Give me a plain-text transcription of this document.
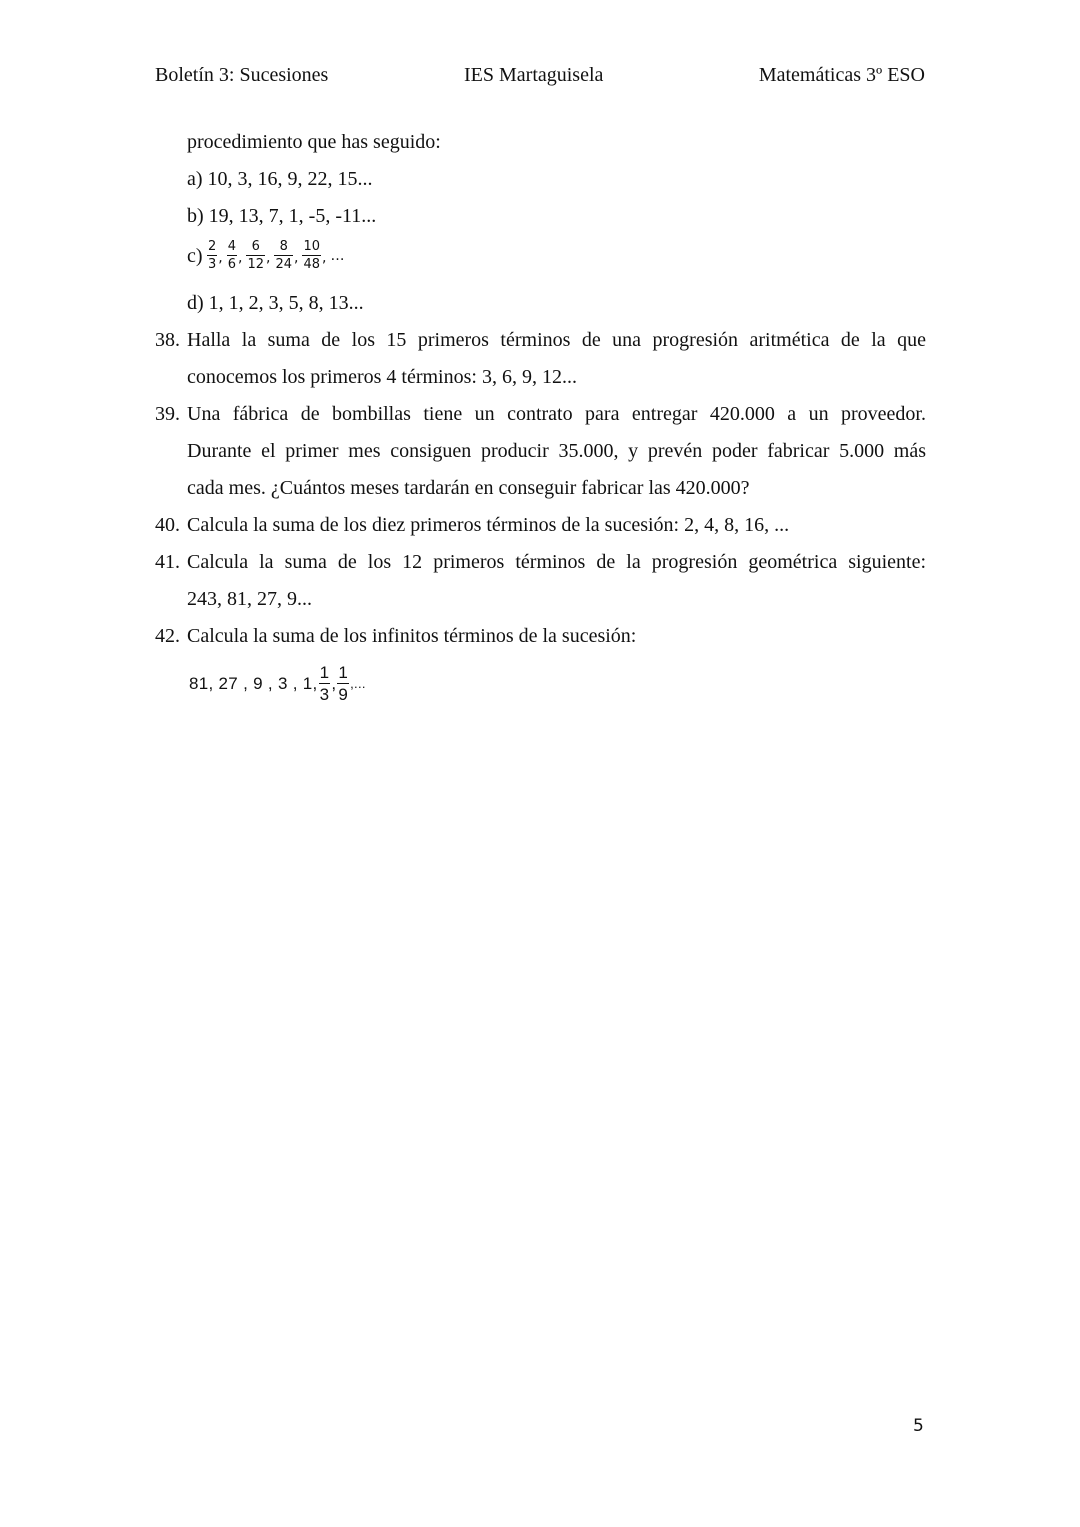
Boletín 3: Sucesiones	IES Martaguisela	Matemáticas 3º ESO
procedimiento que has seguido:
a) 10, 3, 16, 9, 22, 15...
b) 19, 13, 7, 1, -5, -11...
c) 2
3 ,
4
6 ,
6
12 ,
8
24 ,
10
48 , …
d) 1, 1, 2, 3, 5, 8, 13...
38. Halla la suma de los 15 primeros términos de una progresión aritmética de la que
conocemos los primeros 4 términos: 3, 6, 9, 12...
39. Una fábrica de bombillas tiene un contrato para entregar 420.000 a un proveedor.
Durante el primer mes consiguen producir 35.000, y prevén poder fabricar 5.000 más
cada mes. ¿Cuántos meses tardarán en conseguir fabricar las 420.000?
40. Calcula la suma de los diez primeros términos de la sucesión: 2, 4, 8, 16, ...
41. Calcula la suma de los 12 primeros términos de la progresión geométrica siguiente:
243, 81, 27, 9...
42. Calcula la suma de los infinitos términos de la sucesión:
81, 27 , 9 , 3 , 1,
1
3
,
1
9
,...
5
